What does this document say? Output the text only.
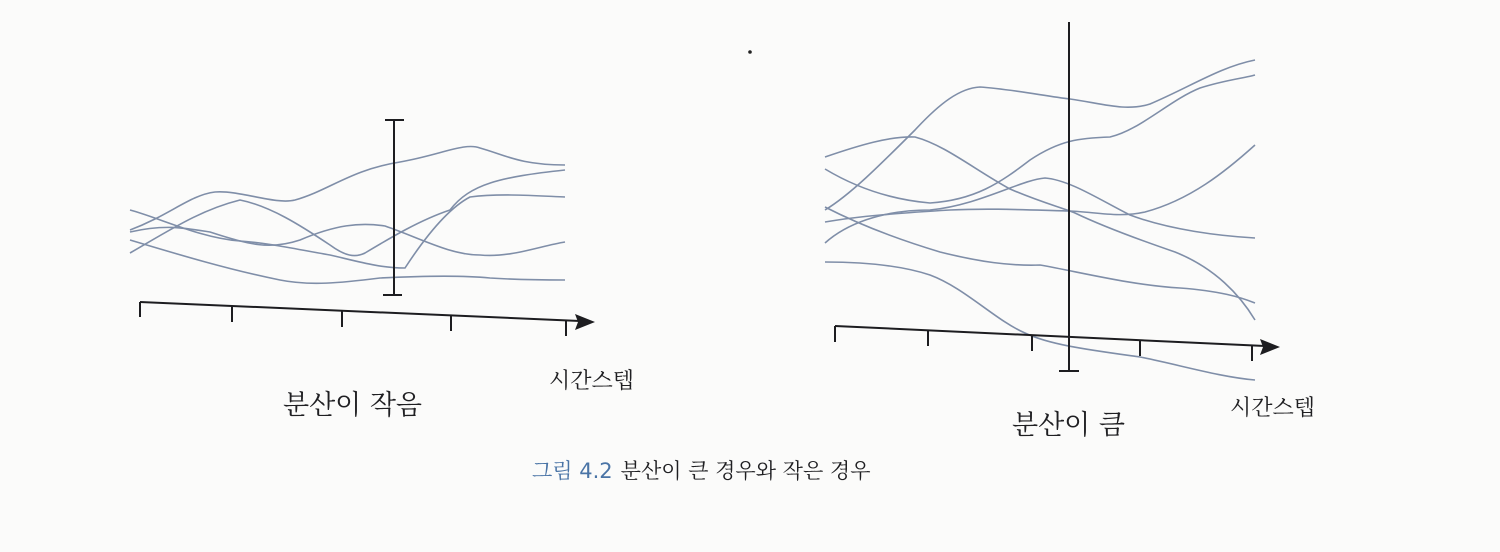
시간스텝
분산이 작음	시간스텝
분산이 큼
그림 4.2 분산이 큰 경우와 작은 경우
